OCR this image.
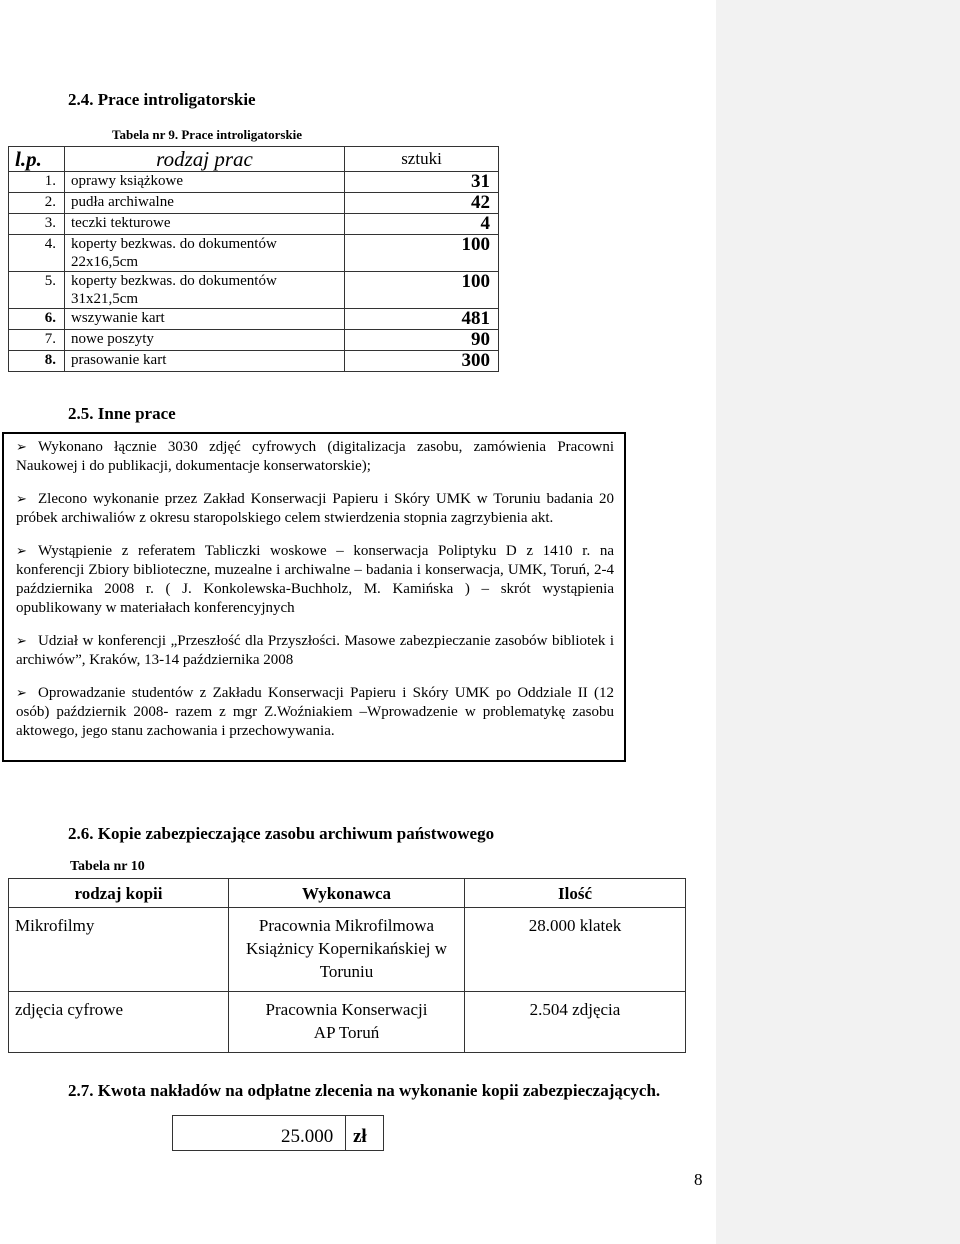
2.4. Prace introligatorskie
Tabela nr 9. Prace introligatorskie
l.p.	rodzaj prac	sztuki
1.	oprawy książkowe	31
2.	pudła archiwalne	42
3.	teczki tekturowe	4
4.	koperty bezkwas. do dokumentów 22x16,5cm	100
5.	koperty bezkwas. do dokumentów 31x21,5cm	100
6.	wszywanie kart	481
7.	nowe poszyty	90
8.	prasowanie kart	300
2.5. Inne prace

➢ Wykonano łącznie 3030 zdjęć cyfrowych (digitalizacja zasobu, zamówienia Pracowni Naukowej i do publikacji, dokumentacje konserwatorskie);

➢ Zlecono wykonanie przez Zakład Konserwacji Papieru i Skóry UMK w Toruniu badania 20 próbek archiwaliów z okresu staropolskiego celem stwierdzenia stopnia zagrzybienia akt.

➢ Wystąpienie z referatem Tabliczki woskowe – konserwacja Poliptyku D z 1410 r. na konferencji Zbiory biblioteczne, muzealne i archiwalne – badania i konserwacja, UMK, Toruń, 2-4 października 2008 r. ( J. Konkolewska-Buchholz, M. Kamińska ) – skrót wystąpienia opublikowany w materiałach konferencyjnych

➢ Udział w konferencji „Przeszłość dla Przyszłości. Masowe zabezpieczanie zasobów bibliotek i archiwów”, Kraków, 13-14 października 2008

➢ Oprowadzanie studentów z Zakładu Konserwacji Papieru i Skóry UMK po Oddziale II (12 osób) październik 2008- razem z mgr Z.Woźniakiem –Wprowadzenie w problematykę zasobu aktowego, jego stanu zachowania i przechowywania.

2.6. Kopie zabezpieczające zasobu archiwum państwowego
Tabela nr 10
rodzaj kopii	Wykonawca	Ilość
Mikrofilmy	Pracownia Mikrofilmowa Książnicy Kopernikańskiej w Toruniu	28.000 klatek
zdjęcia cyfrowe	Pracownia Konserwacji AP Toruń	2.504 zdjęcia
2.7. Kwota nakładów na odpłatne zlecenia na wykonanie kopii zabezpieczających.
25.000 zł
8
